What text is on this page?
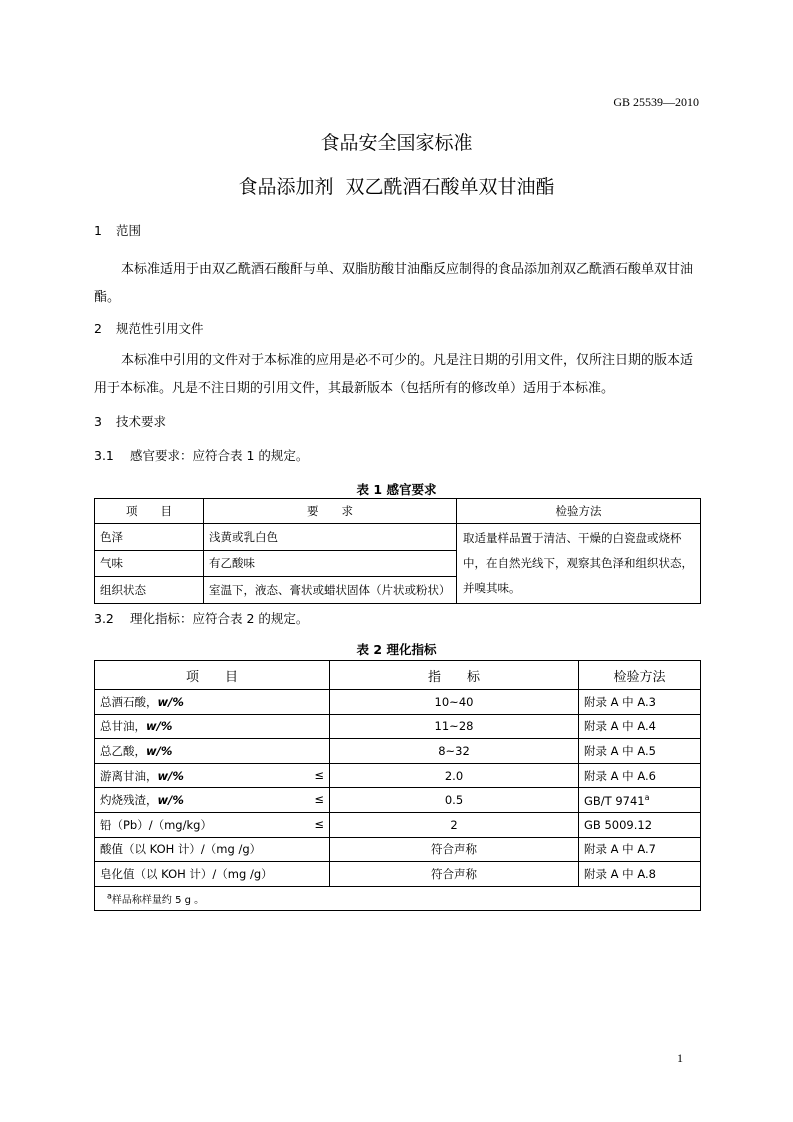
GB 25539—2010
食品安全国家标准
食品添加剂  双乙酰酒石酸单双甘油酯
1 范围
本标准适用于由双乙酰酒石酸酐与单、双脂肪酸甘油酯反应制得的食品添加剂双乙酰酒石酸单双甘油酯。
2 规范性引用文件
本标准中引用的文件对于本标准的应用是必不可少的。凡是注日期的引用文件，仅所注日期的版本适用于本标准。凡是不注日期的引用文件，其最新版本（包括所有的修改单）适用于本标准。
3 技术要求
3.1 感官要求：应符合表 1 的规定。
表 1 感官要求
项　　目	要　　求	检验方法
色泽	浅黄或乳白色	取适量样品置于清洁、干燥的白瓷盘或烧杯中，在自然光线下，观察其色泽和组织状态，并嗅其味。
气味	有乙酸味	
组织状态	室温下，液态、膏状或蜡状固体（片状或粉状）	
3.2 理化指标：应符合表 2 的规定。
表 2 理化指标
项　　目	指　　标	检验方法
总酒石酸，w/%	10~40	附录 A 中 A.3
总甘油，w/%	11~28	附录 A 中 A.4
总乙酸，w/%	8~32	附录 A 中 A.5
游离甘油，w/% ≤	2.0	附录 A 中 A.6
灼烧残渣，w/% ≤	0.5	GB/T 9741$^a$
铅（Pb）/（mg/kg） ≤	2	GB 5009.12
酸值（以 KOH 计）/（mg /g）	符合声称	附录 A 中 A.7
皂化值（以 KOH 计）/（mg /g）	符合声称	附录 A 中 A.8
$^a$样品称样量约 5 g 。		
1
